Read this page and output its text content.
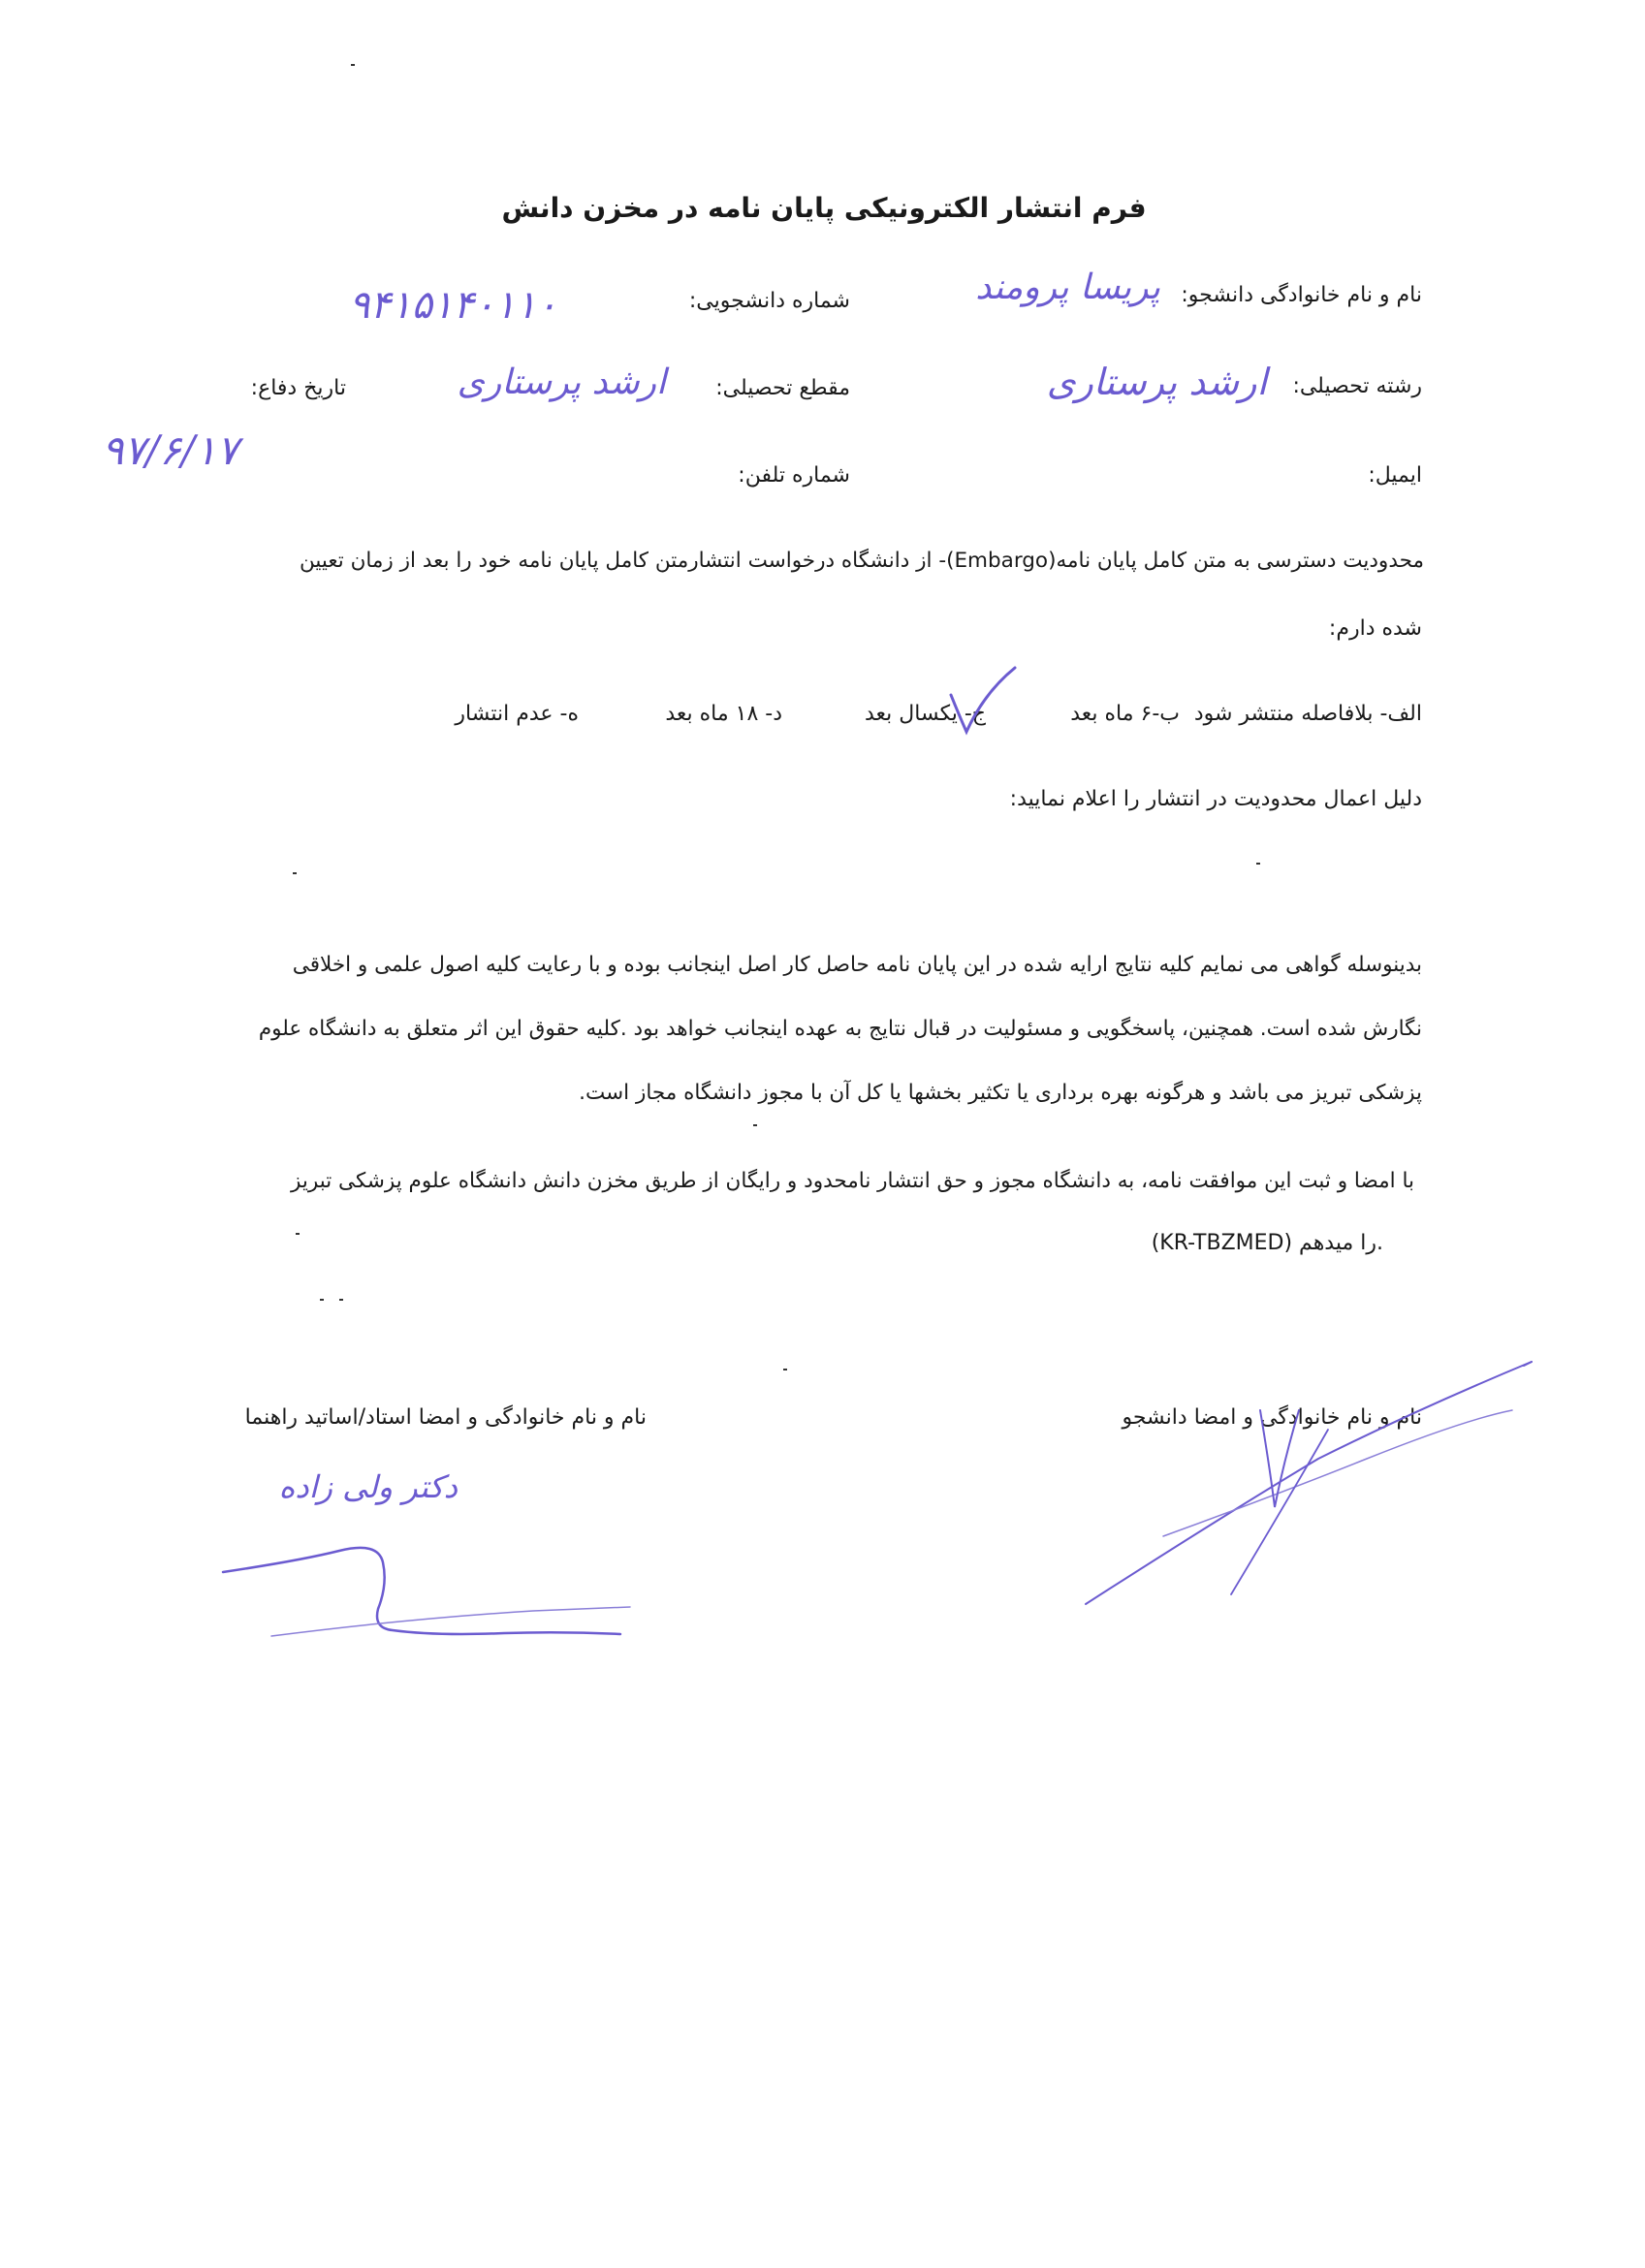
فرم انتشار الکترونیکی پایان نامه در مخزن دانش
نام و نام خانوادگی دانشجو:
پریسا پرومند
شماره دانشجویی:
۹۴۱۵۱۴۰۱۱۰
رشته تحصیلی:
ارشد پرستاری
مقطع تحصیلی:
ارشد پرستاری
تاریخ دفاع:
۹۷/۶/۱۷
ایمیل:
شماره تلفن:
محدودیت دسترسی به متن کامل پایان نامه(Embargo)- از دانشگاه درخواست انتشارمتن کامل پایان نامه خود را بعد از زمان تعیین
شده دارم:
الف- بلافاصله منتشر شود
ب-۶ ماه بعد
ج- یکسال بعد
د- ۱۸ ماه بعد
ه- عدم انتشار
دلیل اعمال محدودیت در انتشار را اعلام نمایید:
بدینوسله گواهی می نمایم کلیه نتایج ارایه شده در این پایان نامه حاصل کار اصل اینجانب بوده و با رعایت کلیه اصول علمی و اخلاقی
نگارش شده است. همچنین، پاسخگویی و مسئولیت در قبال نتایج به عهده اینجانب خواهد بود .کلیه حقوق این اثر متعلق به دانشگاه علوم
پزشکی تبریز می باشد و هرگونه بهره برداری یا تکثیر بخشها یا کل آن با مجوز دانشگاه مجاز است.
با امضا و ثبت این موافقت نامه، به دانشگاه مجوز و حق انتشار نامحدود و رایگان از طریق مخزن دانش دانشگاه علوم پزشکی تبریز
(KR-TBZMED) را میدهم.
نام و نام خانوادگی و امضا دانشجو
نام و نام خانوادگی و امضا استاد/اساتید راهنما
دکتر ولی زاده
